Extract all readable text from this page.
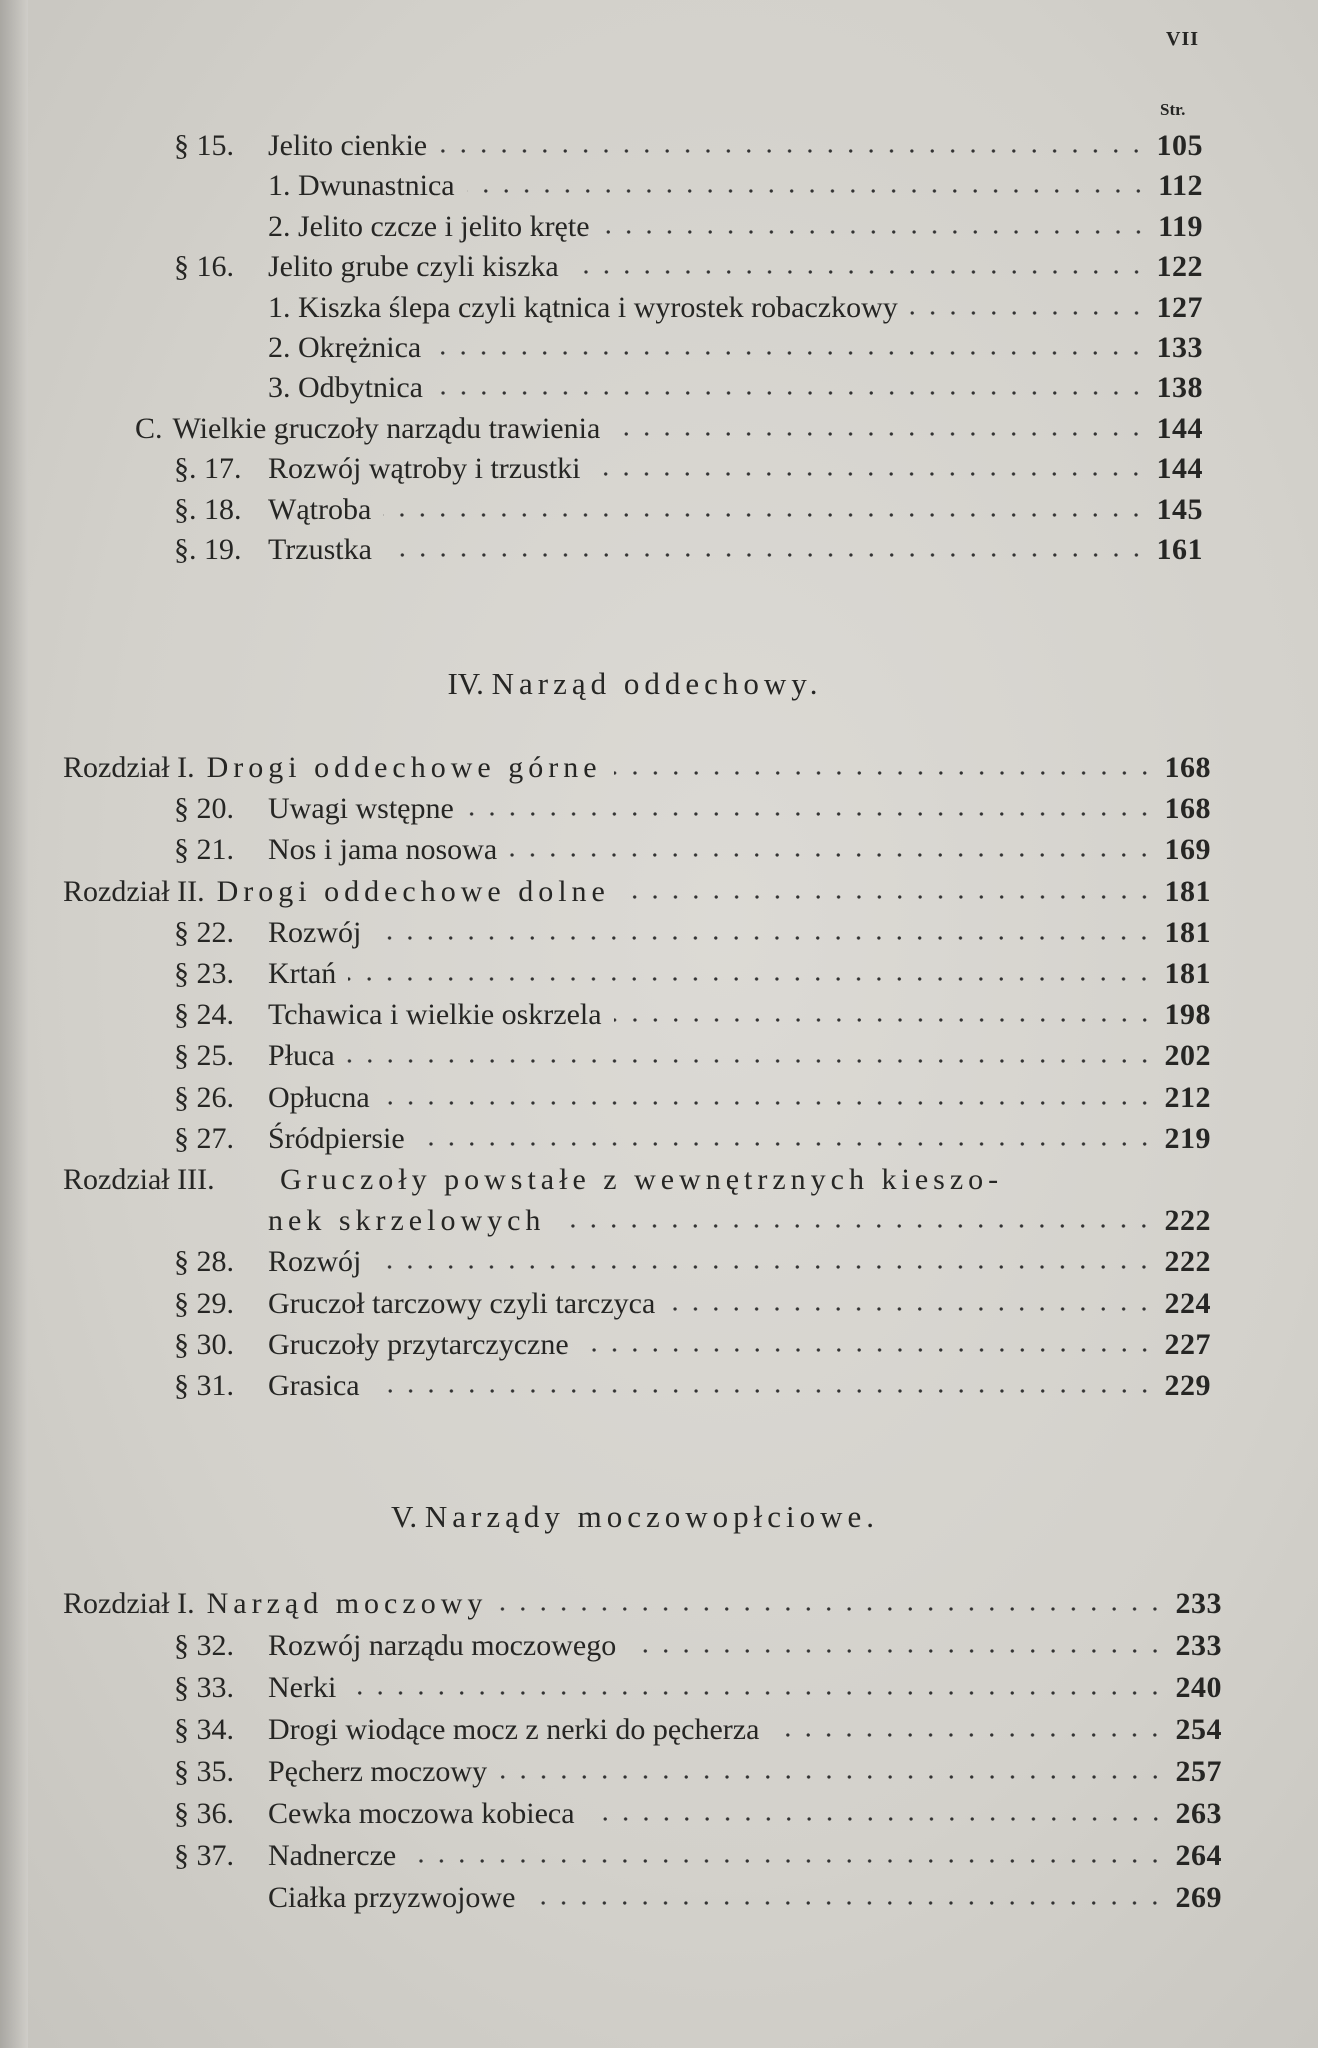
VII
Str.
IV. Narząd oddechowy.
V. Narządy moczowopłciowe.
§ 15.	Jelito cienkie	105
1. Dwunastnica	112
2. Jelito czcze i jelito kręte	119
§ 16.	Jelito grube czyli kiszka	122
1. Kiszka ślepa czyli kątnica i wyrostek robaczkowy	127
2. Okrężnica	133
3. Odbytnica	138
C. Wielkie gruczoły narządu trawienia	144
§. 17. Rozwój wątroby i trzustki	144
§. 18. Wątroba	145
§. 19. Trzustka	161
Rozdział I. Drogi oddechowe górne	168
§ 20.	Uwagi wstępne	168
§ 21.	Nos i jama nosowa	169
Rozdział II. Drogi oddechowe dolne	181
§ 22.	Rozwój	181
§ 23.	Krtań	181
§ 24.	Tchawica i wielkie oskrzela	198
§ 25.	Płuca	202
§ 26.	Opłucna	212
§ 27.	Śródpiersie	219
Rozdział III.	Gruczoły powstałe z wewnętrznych kieszo-
nek skrzelowych	222
§ 28.	Rozwój	222
§ 29.	Gruczoł tarczowy czyli tarczyca	224
§ 30.	Gruczoły przytarczyczne	227
§ 31.	Grasica	229
Rozdział I. Narząd moczowy	233
§ 32.	Rozwój narządu moczowego	233
§ 33.	Nerki	240
§ 34.	Drogi wiodące mocz z nerki do pęcherza	254
§ 35.	Pęcherz moczowy	257
§ 36.	Cewka moczowa kobieca	263
§ 37.	Nadnercze	264
Ciałka przyzwojowe	269
